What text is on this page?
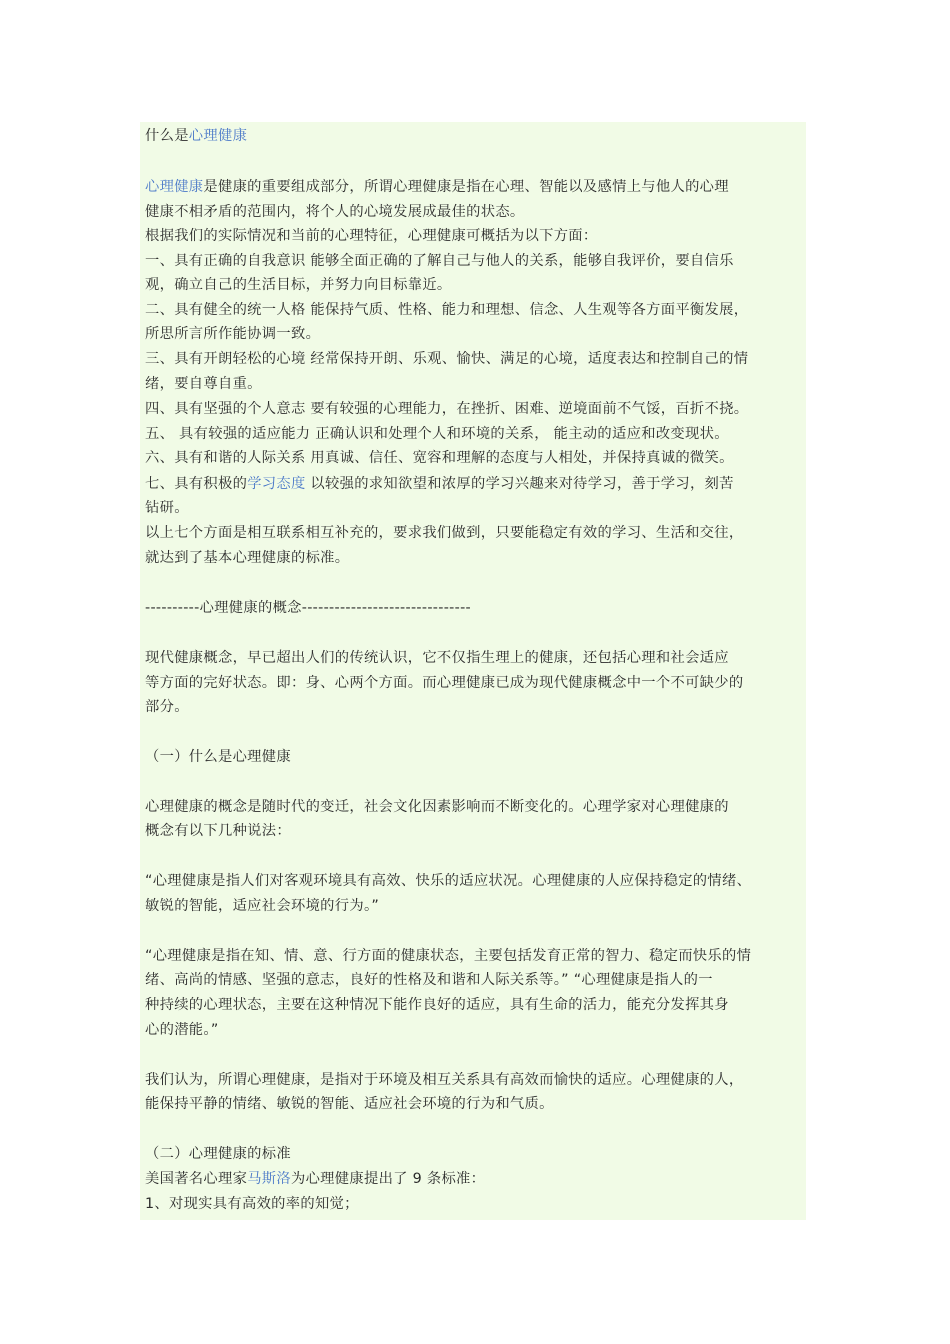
什么是心理健康
心理健康是健康的重要组成部分，所谓心理健康是指在心理、智能以及感情上与他人的心理
健康不相矛盾的范围内，将个人的心境发展成最佳的状态。
根据我们的实际情况和当前的心理特征，心理健康可概括为以下方面：
一、具有正确的自我意识 能够全面正确的了解自己与他人的关系，能够自我评价，要自信乐
观，确立自己的生活目标，并努力向目标靠近。
二、具有健全的统一人格 能保持气质、性格、能力和理想、信念、人生观等各方面平衡发展，
所思所言所作能协调一致。
三、具有开朗轻松的心境 经常保持开朗、乐观、愉快、满足的心境，适度表达和控制自己的情
绪，要自尊自重。
四、具有坚强的个人意志 要有较强的心理能力，在挫折、困难、逆境面前不气馁，百折不挠。
五、 具有较强的适应能力 正确认识和处理个人和环境的关系， 能主动的适应和改变现状。
六、具有和谐的人际关系 用真诚、信任、宽容和理解的态度与人相处，并保持真诚的微笑。
七、具有积极的学习态度 以较强的求知欲望和浓厚的学习兴趣来对待学习，善于学习，刻苦
钻研。
以上七个方面是相互联系相互补充的，要求我们做到，只要能稳定有效的学习、生活和交往，
就达到了基本心理健康的标准。
----------心理健康的概念-------------------------------
现代健康概念，早已超出人们的传统认识，它不仅指生理上的健康，还包括心理和社会适应
等方面的完好状态。即：身、心两个方面。而心理健康已成为现代健康概念中一个不可缺少的
部分。
（一）什么是心理健康
心理健康的概念是随时代的变迁，社会文化因素影响而不断变化的。心理学家对心理健康的
概念有以下几种说法：
“心理健康是指人们对客观环境具有高效、快乐的适应状况。心理健康的人应保持稳定的情绪、
敏锐的智能，适应社会环境的行为。”
“心理健康是指在知、情、意、行方面的健康状态，主要包括发育正常的智力、稳定而快乐的情
绪、高尚的情感、坚强的意志，良好的性格及和谐和人际关系等。” “心理健康是指人的一
种持续的心理状态，主要在这种情况下能作良好的适应，具有生命的活力，能充分发挥其身
心的潜能。”
我们认为，所谓心理健康，是指对于环境及相互关系具有高效而愉快的适应。心理健康的人，
能保持平静的情绪、敏锐的智能、适应社会环境的行为和气质。
（二）心理健康的标准
美国著名心理家马斯洛为心理健康提出了 9 条标准：
1、对现实具有高效的率的知觉；
